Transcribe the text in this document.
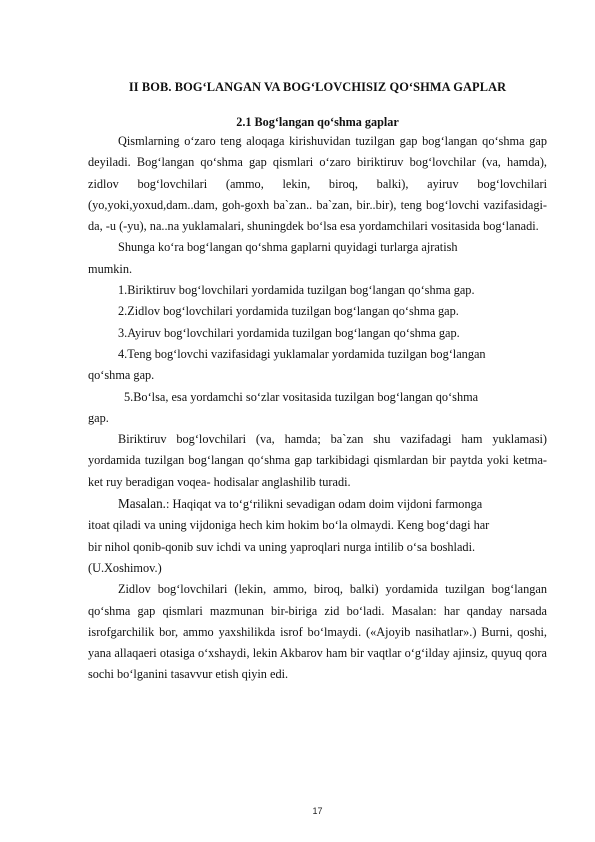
II BOB. BOG‘LANGAN VA BOG‘LOVCHISIZ QO‘SHMA GAPLAR
2.1 Bog‘langan qo‘shma gaplar

Qismlarning o‘zaro teng aloqaga kirishuvidan tuzilgan gap bog‘langan qo‘shma gap deyiladi. Bog‘langan qo‘shma gap qismlari o‘zaro biriktiruv bog‘lovchilar (va, hamda), zidlov bog‘lovchilari (ammo, lekin, biroq, balki), ayiruv bog‘lovchilari (yo,yoki,yoxud,dam..dam, goh-goxh ba`zan.. ba`zan, bir..bir), teng bog‘lovchi vazifasidagi- da, -u (-yu), na..na yuklamalari, shuningdek bo‘lsa esa yordamchilari vositasida bog‘lanadi.

Shunga ko‘ra bog‘langan qo‘shma gaplarni quyidagi turlarga ajratish

mumkin.

1.Biriktiruv bog‘lovchilari yordamida tuzilgan bog‘langan qo‘shma gap.

2.Zidlov bog‘lovchilari yordamida tuzilgan bog‘langan qo‘shma gap.

3.Ayiruv bog‘lovchilari yordamida tuzilgan bog‘langan qo‘shma gap.

4.Teng bog‘lovchi vazifasidagi yuklamalar yordamida tuzilgan bog‘langan

qo‘shma gap.

5.Bo‘lsa, esa yordamchi so‘zlar vositasida tuzilgan bog‘langan qo‘shma

gap.

Biriktiruv bog‘lovchilari (va, hamda; ba`zan shu vazifadagi ham yuklamasi) yordamida tuzilgan bog‘langan qo‘shma gap tarkibidagi qismlardan bir paytda yoki ketma-ket ruy beradigan voqea- hodisalar anglashilib turadi.

Masalan.: Haqiqat va to‘g‘rilikni sevadigan odam doim vijdoni farmonga

itoat qiladi va uning vijdoniga hech kim hokim bo‘la olmaydi. Keng bog‘dagi har

bir nihol qonib-qonib suv ichdi va uning yaproqlari nurga intilib o‘sa boshladi.

(U.Xoshimov.)

Zidlov bog‘lovchilari (lekin, ammo, biroq, balki) yordamida tuzilgan bog‘langan qo‘shma gap qismlari mazmunan bir-biriga zid bo‘ladi. Masalan: har qanday narsada isrofgarchilik bor, ammo yaxshilikda isrof bo‘lmaydi. («Ajoyib nasihatlar».) Burni, qoshi, yana allaqaeri otasiga o‘xshaydi, lekin Akbarov ham bir vaqtlar o‘g‘ilday ajinsiz, quyuq qora sochi bo‘lganini tasavvur etish qiyin edi.

17
